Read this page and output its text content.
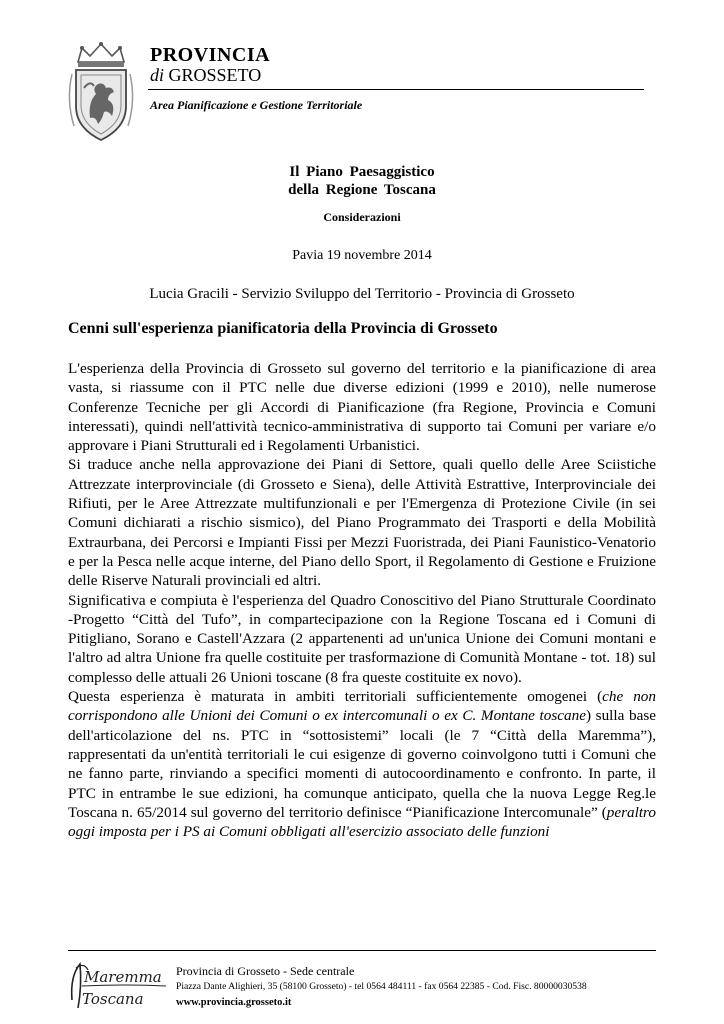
PROVINCIA
di GROSSETO
Area Pianificazione e Gestione Territoriale
Il Piano Paesaggistico
della Regione Toscana
Considerazioni
Pavia 19 novembre 2014
Lucia Gracili - Servizio Sviluppo del Territorio - Provincia di Grosseto
Cenni sull'esperienza pianificatoria della Provincia di Grosseto

L'esperienza della Provincia di Grosseto sul governo del territorio e la pianificazione di area vasta, si riassume con il PTC nelle due diverse edizioni (1999 e 2010), nelle numerose Conferenze Tecniche per gli Accordi di Pianificazione (fra Regione, Provincia e Comuni interessati), quindi nell'attività tecnico-amministrativa di supporto tai Comuni per variare e/o approvare i Piani Strutturali ed i Regolamenti Urbanistici.

Si traduce anche nella approvazione dei Piani di Settore, quali quello delle Aree Sciistiche Attrezzate interprovinciale (di Grosseto e Siena), delle Attività Estrattive, Interprovinciale dei Rifiuti, per le Aree Attrezzate multifunzionali e per l'Emergenza di Protezione Civile (in sei Comuni dichiarati a rischio sismico), del Piano Programmato dei Trasporti e della Mobilità Extraurbana, dei Percorsi e Impianti Fissi per Mezzi Fuoristrada, dei Piani Faunistico-Venatorio e per la Pesca nelle acque interne, del Piano dello Sport, il Regolamento di Gestione e Fruizione delle Riserve Naturali provinciali ed altri.

Significativa e compiuta è l'esperienza del Quadro Conoscitivo del Piano Strutturale Coordinato -Progetto “Città del Tufo”, in compartecipazione con la Regione Toscana ed i Comuni di Pitigliano, Sorano e Castell'Azzara (2 appartenenti ad un'unica Unione dei Comuni montani e l'altro ad altra Unione fra quelle costituite per trasformazione di Comunità Montane - tot. 18) sul complesso delle attuali 26 Unioni toscane (8 fra queste costituite ex novo).

Questa esperienza è maturata in ambiti territoriali sufficientemente omogenei (che non corrispondono alle Unioni dei Comuni o ex intercomunali o ex C. Montane toscane) sulla base dell'articolazione del ns. PTC in “sottosistemi” locali (le 7 “Città della Maremma”), rappresentati da un'entità territoriali le cui esigenze di governo coinvolgono tutti i Comuni che ne fanno parte, rinviando a specifici momenti di autocoordinamento e confronto. In parte, il PTC in entrambe le sue edizioni, ha comunque anticipato, quella che la nuova Legge Reg.le Toscana n. 65/2014 sul governo del territorio definisce “Pianificazione Intercomunale” (peraltro oggi imposta per i PS ai Comuni obbligati all'esercizio associato delle funzioni

Maremma
Toscana
Provincia di Grosseto - Sede centrale
Piazza Dante Alighieri, 35 (58100 Grosseto) - tel 0564 484111 - fax 0564 22385 - Cod. Fisc. 80000030538
www.provincia.grosseto.it
